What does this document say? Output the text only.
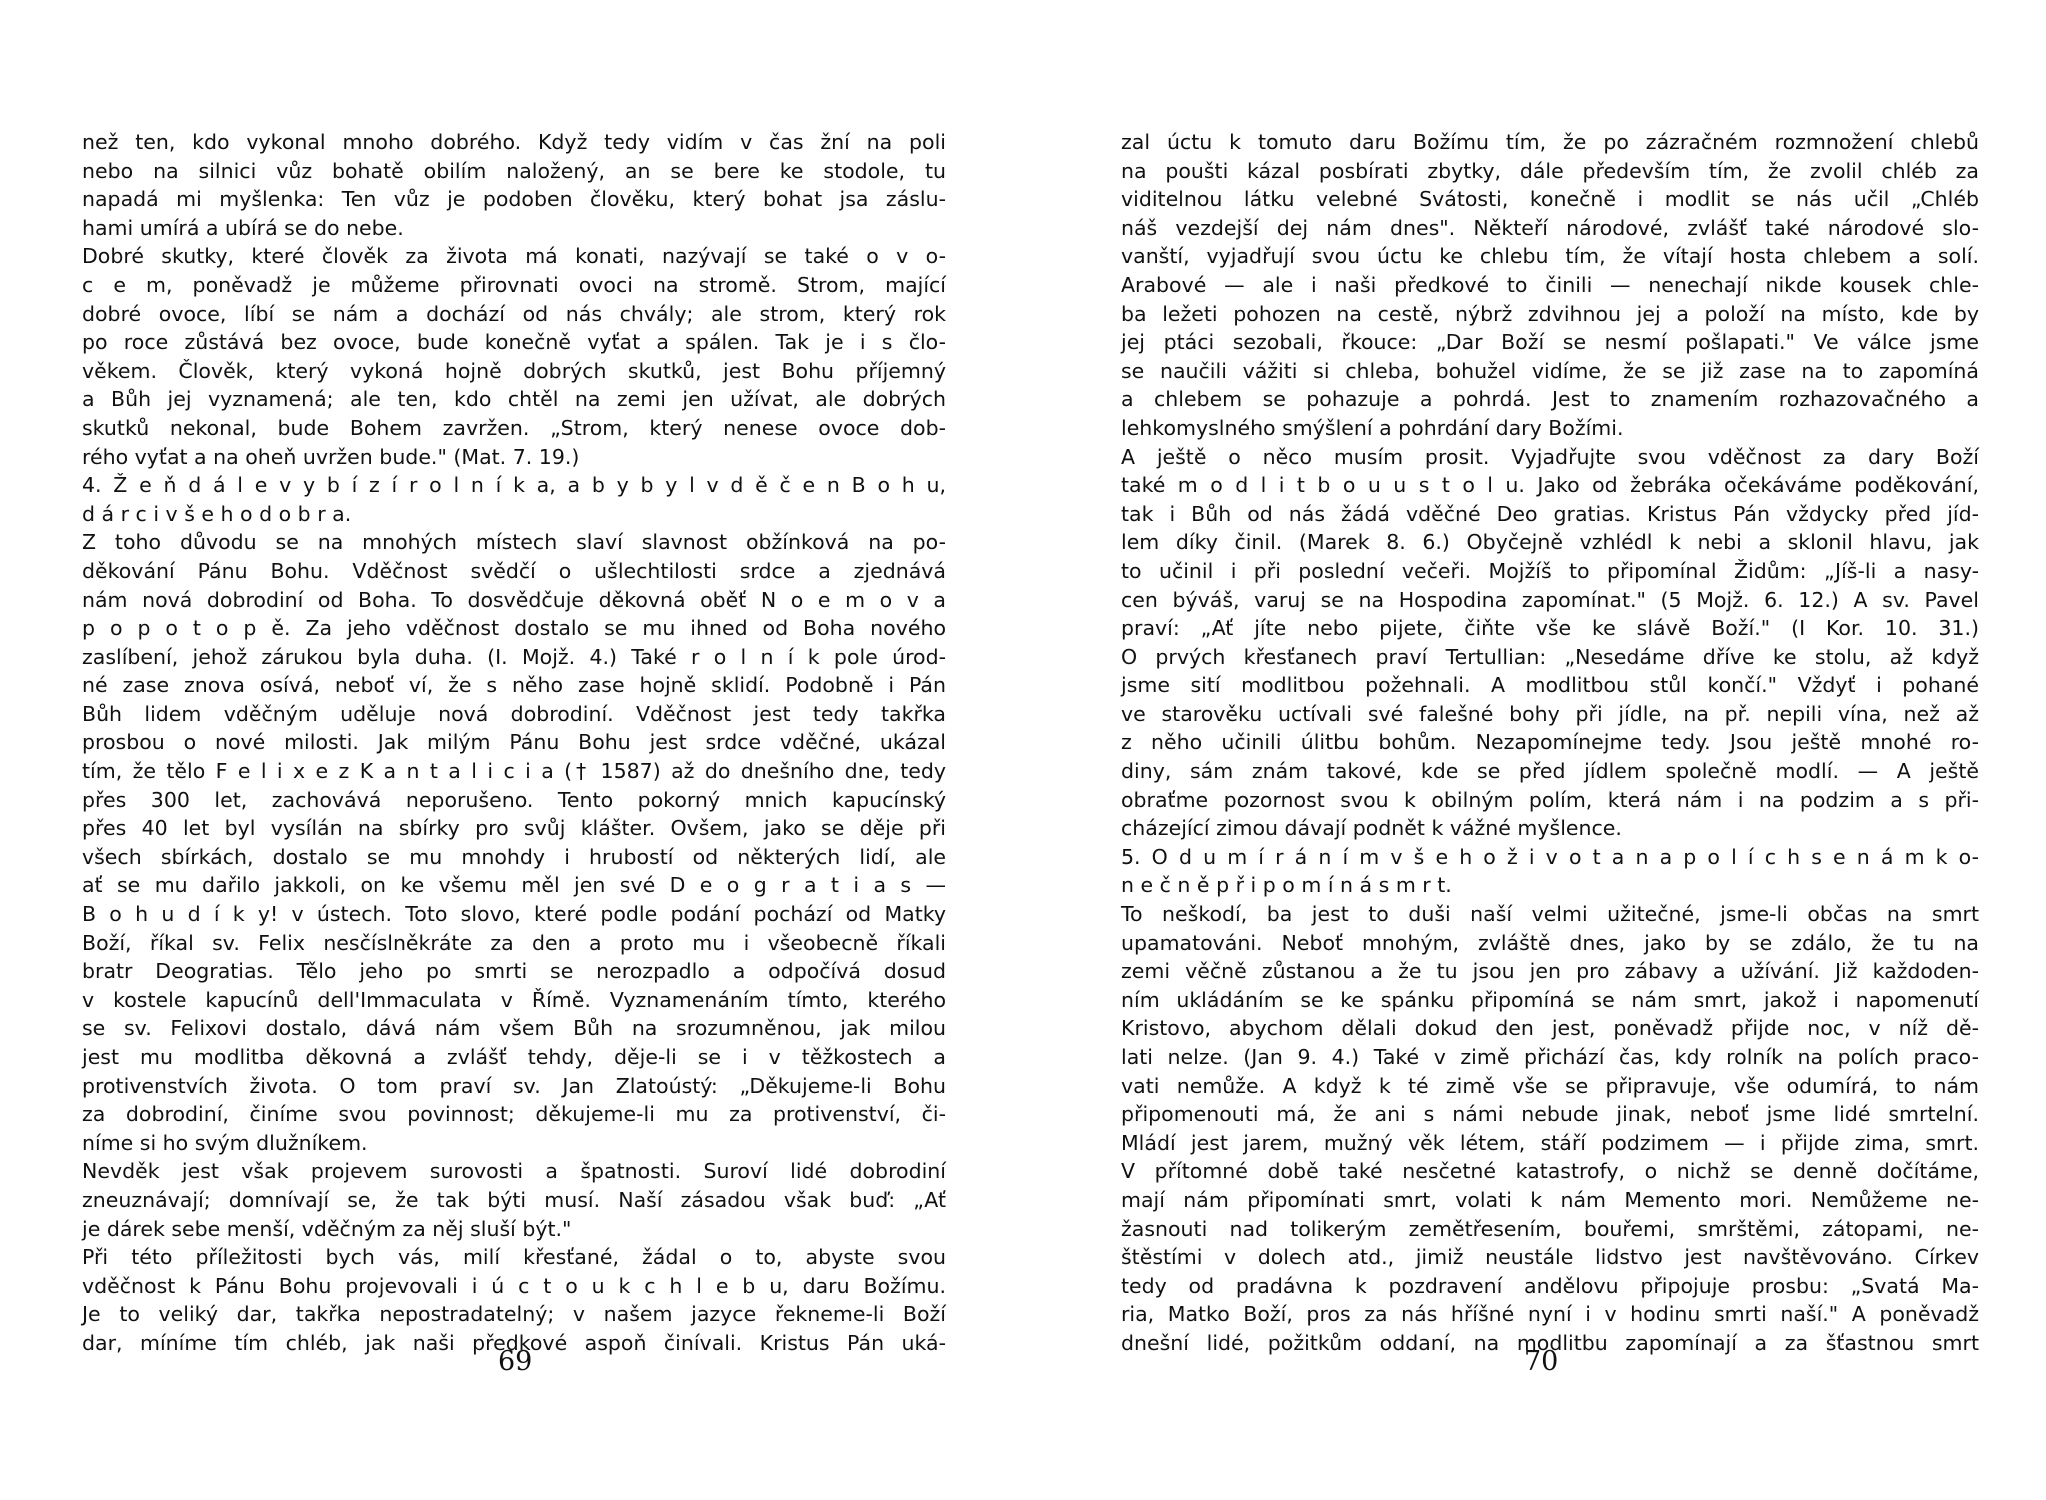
než ten, kdo vykonal mnoho dobrého. Když tedy vidím v čas žní na poli
nebo na silnici vůz bohatě obilím naložený, an se bere ke stodole, tu
napadá mi myšlenka: Ten vůz je podoben člověku, který bohat jsa záslu-
hami umírá a ubírá se do nebe.
Dobré skutky, které člověk za života má konati, nazývají se také o v o-
c e m, poněvadž je můžeme přirovnati ovoci na stromě. Strom, mající
dobré ovoce, líbí se nám a dochází od nás chvály; ale strom, který rok
po roce zůstává bez ovoce, bude konečně vyťat a spálen. Tak je i s člo-
věkem. Člověk, který vykoná hojně dobrých skutků, jest Bohu příjemný
a Bůh jej vyznamená; ale ten, kdo chtěl na zemi jen užívat, ale dobrých
skutků nekonal, bude Bohem zavržen. „Strom, který nenese ovoce dob-
rého vyťat a na oheň uvržen bude." (Mat. 7. 19.)
4. Ž e ň d á l e v y b í z í r o l n í k a, a b y b y l v d ě č e n B o h u,
d á r c i v š e h o d o b r a.
Z toho důvodu se na mnohých místech slaví slavnost obžínková na po-
děkování Pánu Bohu. Vděčnost svědčí o ušlechtilosti srdce a zjednává
nám nová dobrodiní od Boha. To dosvědčuje děkovná oběť N o e m o v a
p o p o t o p ě. Za jeho vděčnost dostalo se mu ihned od Boha nového
zaslíbení, jehož zárukou byla duha. (I. Mojž. 4.) Také r o l n í k pole úrod-
né zase znova osívá, neboť ví, že s něho zase hojně sklidí. Podobně i Pán
Bůh lidem vděčným uděluje nová dobrodiní. Vděčnost jest tedy takřka
prosbou o nové milosti. Jak milým Pánu Bohu jest srdce vděčné, ukázal
tím, že tělo F e l i x e z K a n t a l i c i a († 1587) až do dnešního dne, tedy
přes 300 let, zachovává neporušeno. Tento pokorný mnich kapucínský
přes 40 let byl vysílán na sbírky pro svůj klášter. Ovšem, jako se děje při
všech sbírkách, dostalo se mu mnohdy i hrubostí od některých lidí, ale
ať se mu dařilo jakkoli, on ke všemu měl jen své D e o g r a t i a s —
B o h u d í k y! v ústech. Toto slovo, které podle podání pochází od Matky
Boží, říkal sv. Felix nesčíslněkráte za den a proto mu i všeobecně říkali
bratr Deogratias. Tělo jeho po smrti se nerozpadlo a odpočívá dosud
v kostele kapucínů dell'Immaculata v Římě. Vyznamenáním tímto, kterého
se sv. Felixovi dostalo, dává nám všem Bůh na srozumněnou, jak milou
jest mu modlitba děkovná a zvlášť tehdy, děje-li se i v těžkostech a
protivenstvích života. O tom praví sv. Jan Zlatoústý: „Děkujeme-li Bohu
za dobrodiní, činíme svou povinnost; děkujeme-li mu za protivenství, či-
níme si ho svým dlužníkem.
Nevděk jest však projevem surovosti a špatnosti. Suroví lidé dobrodiní
zneuznávají; domnívají se, že tak býti musí. Naší zásadou však buď: „Ať
je dárek sebe menší, vděčným za něj sluší být."
Při této příležitosti bych vás, milí křesťané, žádal o to, abyste svou
vděčnost k Pánu Bohu projevovali i ú c t o u k c h l e b u, daru Božímu.
Je to veliký dar, takřka nepostradatelný; v našem jazyce řekneme-li Boží
dar, míníme tím chléb, jak naši předkové aspoň činívali. Kristus Pán uká-
zal úctu k tomuto daru Božímu tím, že po zázračném rozmnožení chlebů
na poušti kázal posbírati zbytky, dále především tím, že zvolil chléb za
viditelnou látku velebné Svátosti, konečně i modlit se nás učil „Chléb
náš vezdejší dej nám dnes". Někteří národové, zvlášť také národové slo-
vanští, vyjadřují svou úctu ke chlebu tím, že vítají hosta chlebem a solí.
Arabové — ale i naši předkové to činili — nenechají nikde kousek chle-
ba ležeti pohozen na cestě, nýbrž zdvihnou jej a položí na místo, kde by
jej ptáci sezobali, řkouce: „Dar Boží se nesmí pošlapati." Ve válce jsme
se naučili vážiti si chleba, bohužel vidíme, že se již zase na to zapomíná
a chlebem se pohazuje a pohrdá. Jest to znamením rozhazovačného a
lehkomyslného smýšlení a pohrdání dary Božími.
A ještě o něco musím prosit. Vyjadřujte svou vděčnost za dary Boží
také m o d l i t b o u u s t o l u. Jako od žebráka očekáváme poděkování,
tak i Bůh od nás žádá vděčné Deo gratias. Kristus Pán vždycky před jíd-
lem díky činil. (Marek 8. 6.) Obyčejně vzhlédl k nebi a sklonil hlavu, jak
to učinil i při poslední večeři. Mojžíš to připomínal Židům: „Jíš-li a nasy-
cen býváš, varuj se na Hospodina zapomínat." (5 Mojž. 6. 12.) A sv. Pavel
praví: „Ať jíte nebo pijete, čiňte vše ke slávě Boží." (I Kor. 10. 31.)
O prvých křesťanech praví Tertullian: „Nesedáme dříve ke stolu, až když
jsme sití modlitbou požehnali. A modlitbou stůl končí." Vždyť i pohané
ve starověku uctívali své falešné bohy při jídle, na př. nepili vína, než až
z něho učinili úlitbu bohům. Nezapomínejme tedy. Jsou ještě mnohé ro-
diny, sám znám takové, kde se před jídlem společně modlí. — A ještě
obraťme pozornost svou k obilným polím, která nám i na podzim a s při-
cházející zimou dávají podnět k vážné myšlence.
5. O d u m í r á n í m v š e h o ž i v o t a n a p o l í c h s e n á m k o-
n e č n ě p ř i p o m í n á s m r t.
To neškodí, ba jest to duši naší velmi užitečné, jsme-li občas na smrt
upamatováni. Neboť mnohým, zvláště dnes, jako by se zdálo, že tu na
zemi věčně zůstanou a že tu jsou jen pro zábavy a užívání. Již každoden-
ním ukládáním se ke spánku připomíná se nám smrt, jakož i napomenutí
Kristovo, abychom dělali dokud den jest, poněvadž přijde noc, v níž dě-
lati nelze. (Jan 9. 4.) Také v zimě přichází čas, kdy rolník na polích praco-
vati nemůže. A když k té zimě vše se připravuje, vše odumírá, to nám
připomenouti má, že ani s námi nebude jinak, neboť jsme lidé smrtelní.
Mládí jest jarem, mužný věk létem, stáří podzimem — i přijde zima, smrt.
V přítomné době také nesčetné katastrofy, o nichž se denně dočítáme,
mají nám připomínati smrt, volati k nám Memento mori. Nemůžeme ne-
žasnouti nad tolikerým zemětřesením, bouřemi, smrštěmi, zátopami, ne-
štěstími v dolech atd., jimiž neustále lidstvo jest navštěvováno. Církev
tedy od pradávna k pozdravení andělovu připojuje prosbu: „Svatá Ma-
ria, Matko Boží, pros za nás hříšné nyní i v hodinu smrti naší." A poněvadž
dnešní lidé, požitkům oddaní, na modlitbu zapomínají a za šťastnou smrt
69	70
